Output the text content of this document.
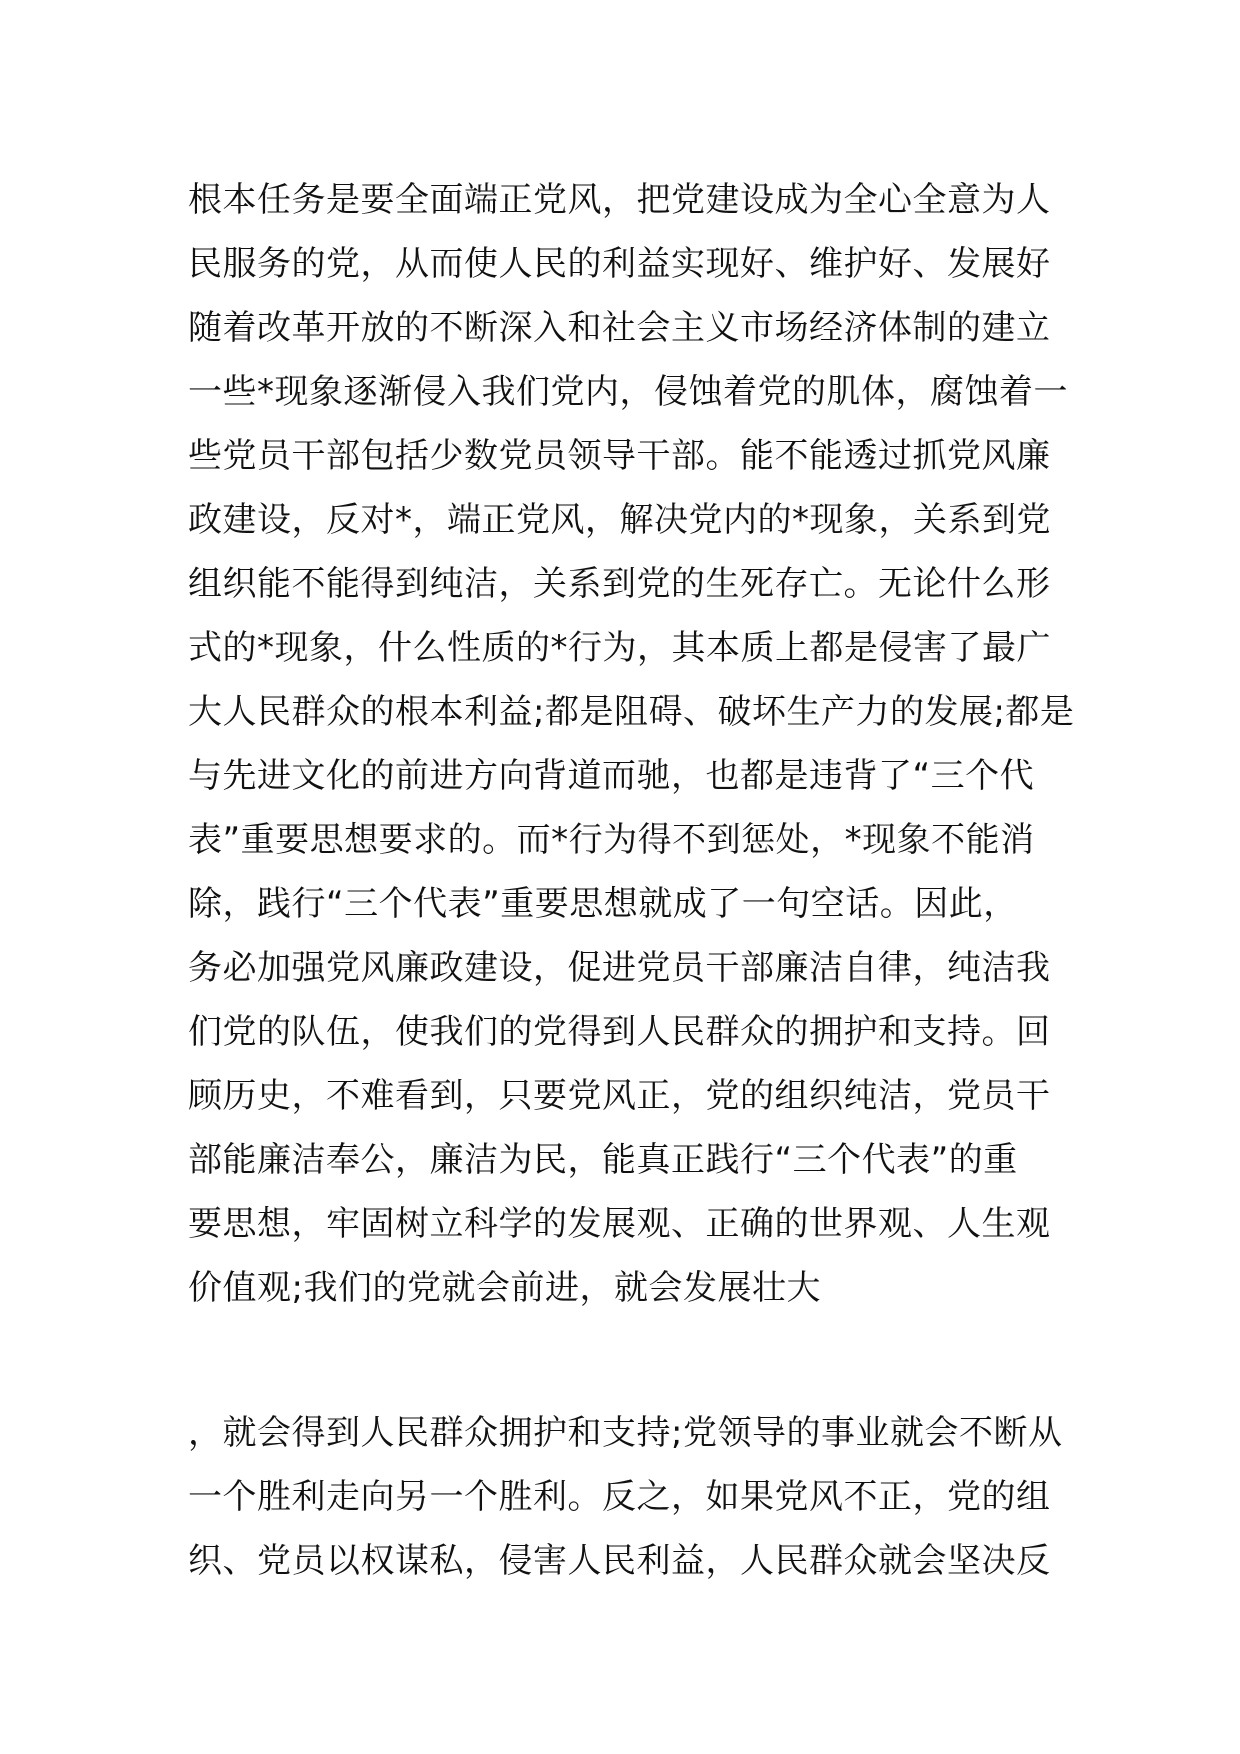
根本任务是要全面端正党风，把党建设成为全心全意为人
民服务的党，从而使人民的利益实现好、维护好、发展好
随着改革开放的不断深入和社会主义市场经济体制的建立
一些*现象逐渐侵入我们党内，侵蚀着党的肌体，腐蚀着一
些党员干部包括少数党员领导干部。能不能透过抓党风廉
政建设，反对*，端正党风，解决党内的*现象，关系到党
组织能不能得到纯洁，关系到党的生死存亡。无论什么形
式的*现象，什么性质的*行为，其本质上都是侵害了最广
大人民群众的根本利益;都是阻碍、破坏生产力的发展;都是
与先进文化的前进方向背道而驰，也都是违背了“三个代
表”重要思想要求的。而*行为得不到惩处，*现象不能消
除，践行“三个代表”重要思想就成了一句空话。因此，
务必加强党风廉政建设，促进党员干部廉洁自律，纯洁我
们党的队伍，使我们的党得到人民群众的拥护和支持。回
顾历史，不难看到，只要党风正，党的组织纯洁，党员干
部能廉洁奉公，廉洁为民，能真正践行“三个代表”的重
要思想，牢固树立科学的发展观、正确的世界观、人生观
价值观;我们的党就会前进，就会发展壮大
，就会得到人民群众拥护和支持;党领导的事业就会不断从
一个胜利走向另一个胜利。反之，如果党风不正，党的组
织、党员以权谋私，侵害人民利益，人民群众就会坚决反
